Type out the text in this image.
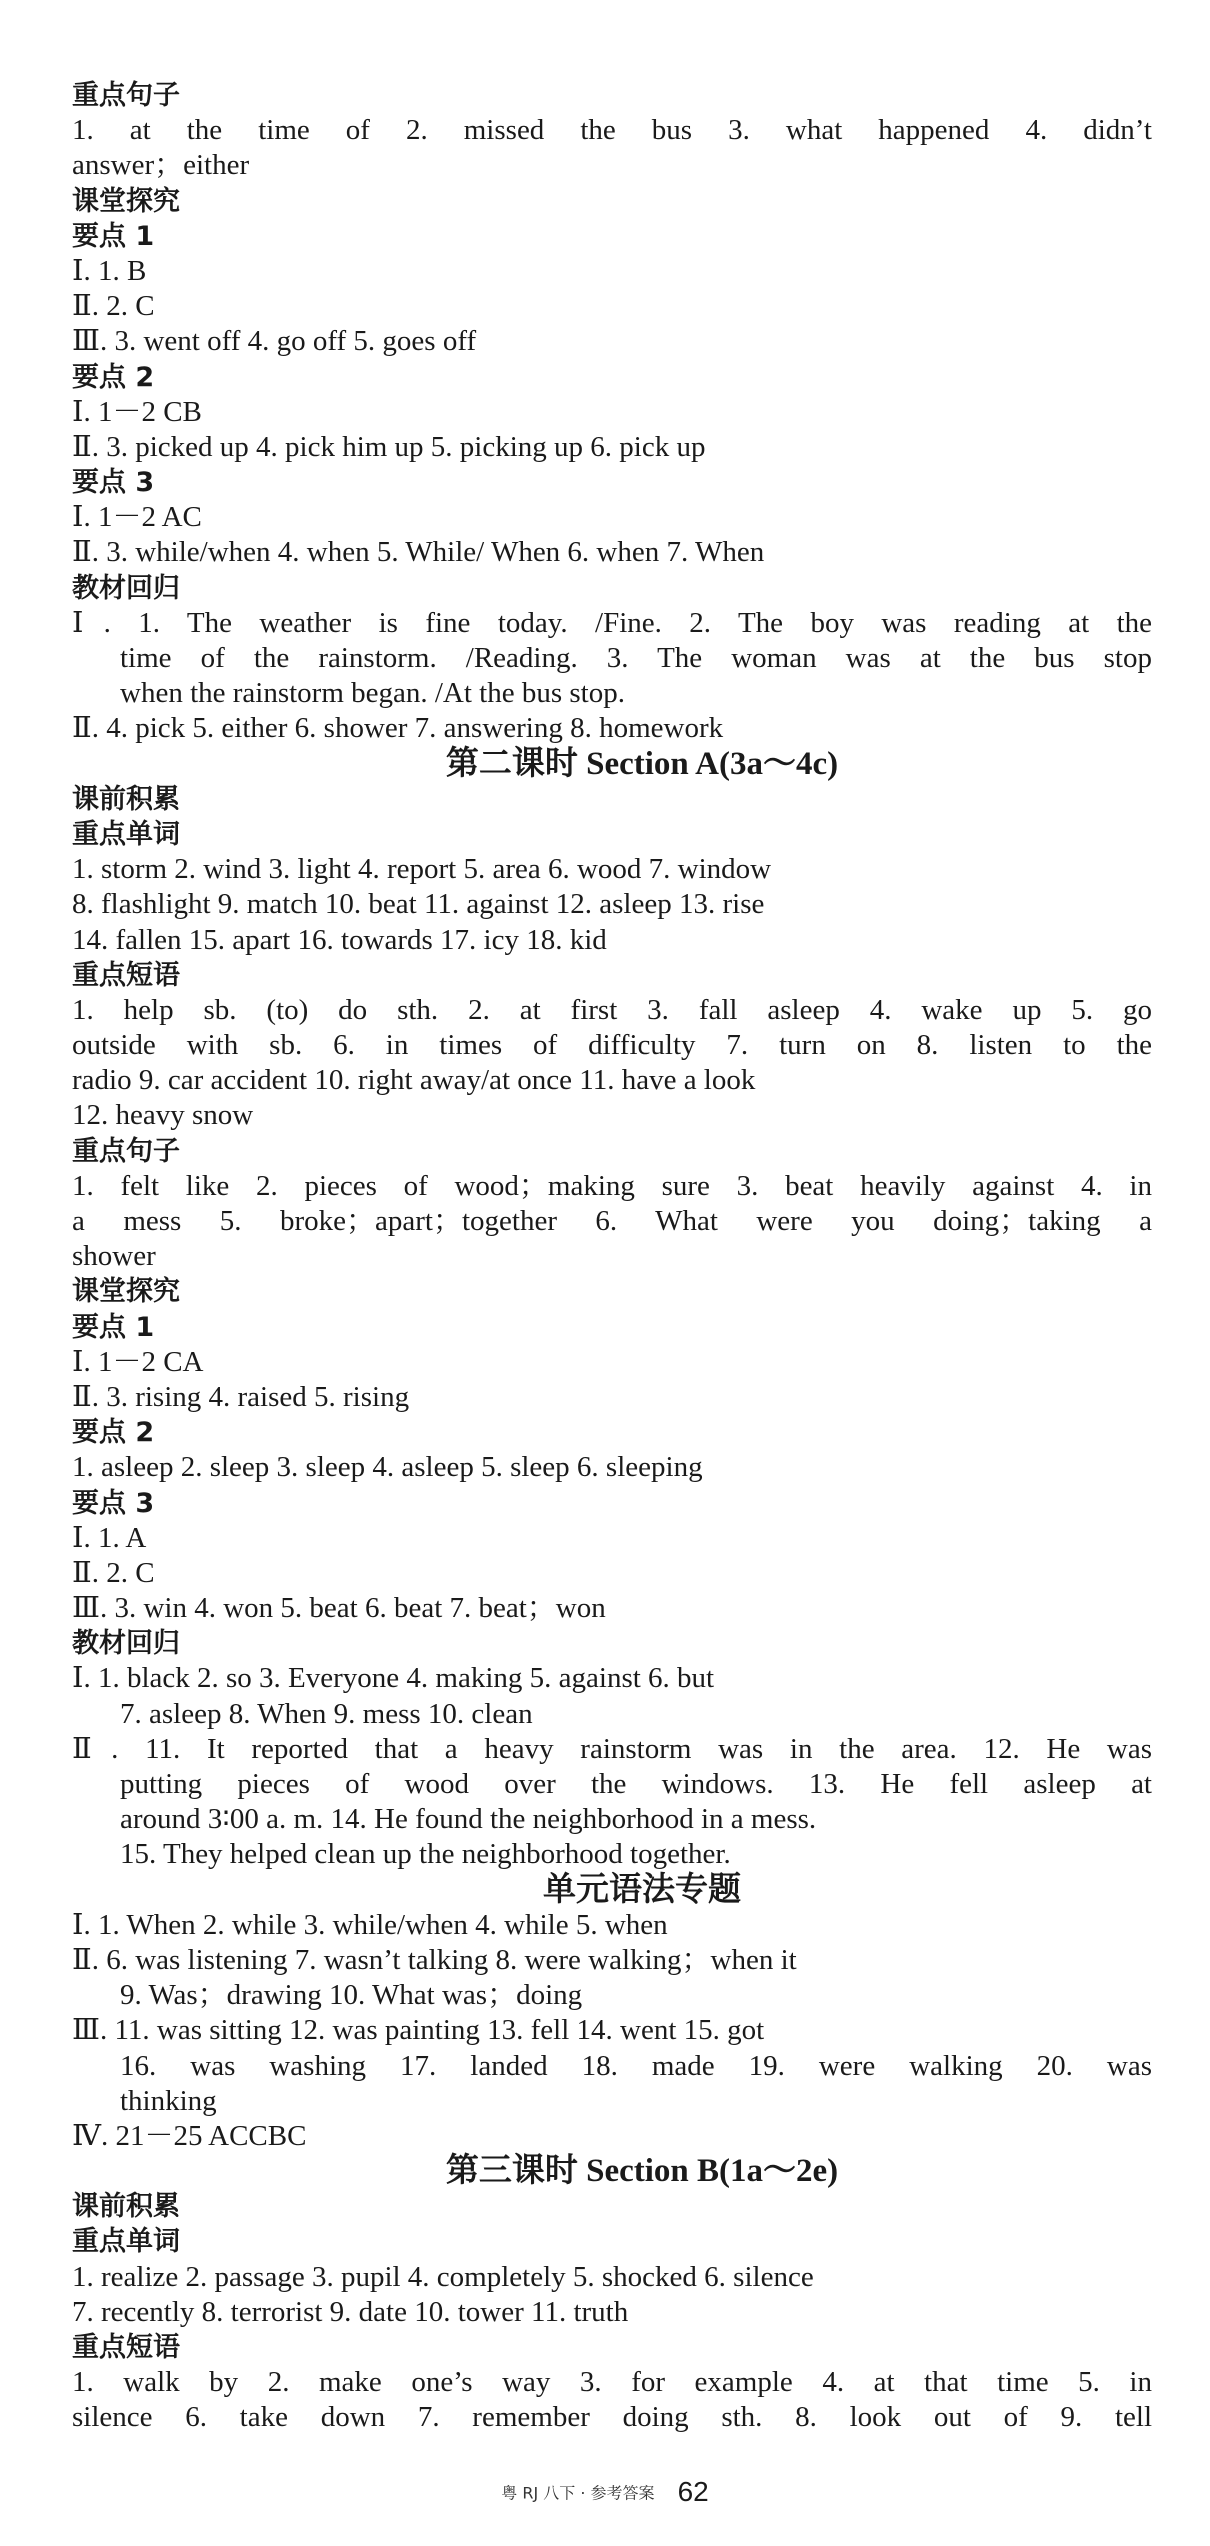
重点句子
1. at the time of 2. missed the bus 3. what happened 4. didn’t
answer；either
课堂探究
要点 1
Ⅰ. 1. B
Ⅱ. 2. C
Ⅲ. 3. went off 4. go off 5. goes off
要点 2
Ⅰ. 1－2 CB
Ⅱ. 3. picked up 4. pick him up 5. picking up 6. pick up
要点 3
Ⅰ. 1－2 AC
Ⅱ. 3. while/when 4. when 5. While/ When 6. when 7. When
教材回归
Ⅰ. 1. The weather is fine today. /Fine. 2. The boy was reading at the
time of the rainstorm. /Reading. 3. The woman was at the bus stop
when the rainstorm began. /At the bus stop.
Ⅱ. 4. pick 5. either 6. shower 7. answering 8. homework
第二课时 Section A(3a～4c)
课前积累
重点单词
1. storm 2. wind 3. light 4. report 5. area 6. wood 7. window
8. flashlight 9. match 10. beat 11. against 12. asleep 13. rise
14. fallen 15. apart 16. towards 17. icy 18. kid
重点短语
1. help sb. (to) do sth. 2. at first 3. fall asleep 4. wake up 5. go
outside with sb. 6. in times of difficulty 7. turn on 8. listen to the
radio 9. car accident 10. right away/at once 11. have a look
12. heavy snow
重点句子
1. felt like 2. pieces of wood；making sure 3. beat heavily against 4. in
a mess 5. broke；apart；together 6. What were you doing；taking a
shower
课堂探究
要点 1
Ⅰ. 1－2 CA
Ⅱ. 3. rising 4. raised 5. rising
要点 2
1. asleep 2. sleep 3. sleep 4. asleep 5. sleep 6. sleeping
要点 3
Ⅰ. 1. A
Ⅱ. 2. C
Ⅲ. 3. win 4. won 5. beat 6. beat 7. beat；won
教材回归
Ⅰ. 1. black 2. so 3. Everyone 4. making 5. against 6. but
7. asleep 8. When 9. mess 10. clean
Ⅱ. 11. It reported that a heavy rainstorm was in the area. 12. He was
putting pieces of wood over the windows. 13. He fell asleep at
around 3∶00 a. m. 14. He found the neighborhood in a mess.
15. They helped clean up the neighborhood together.
单元语法专题
Ⅰ. 1. When 2. while 3. while/when 4. while 5. when
Ⅱ. 6. was listening 7. wasn’t talking 8. were walking；when it
9. Was；drawing 10. What was；doing
Ⅲ. 11. was sitting 12. was painting 13. fell 14. went 15. got
16. was washing 17. landed 18. made 19. were walking 20. was
thinking
Ⅳ. 21－25 ACCBC
第三课时 Section B(1a～2e)
课前积累
重点单词
1. realize 2. passage 3. pupil 4. completely 5. shocked 6. silence
7. recently 8. terrorist 9. date 10. tower 11. truth
重点短语
1. walk by 2. make one’s way 3. for example 4. at that time 5. in
silence 6. take down 7. remember doing sth. 8. look out of 9. tell
粤 RJ 八下 · 参考答案 62
